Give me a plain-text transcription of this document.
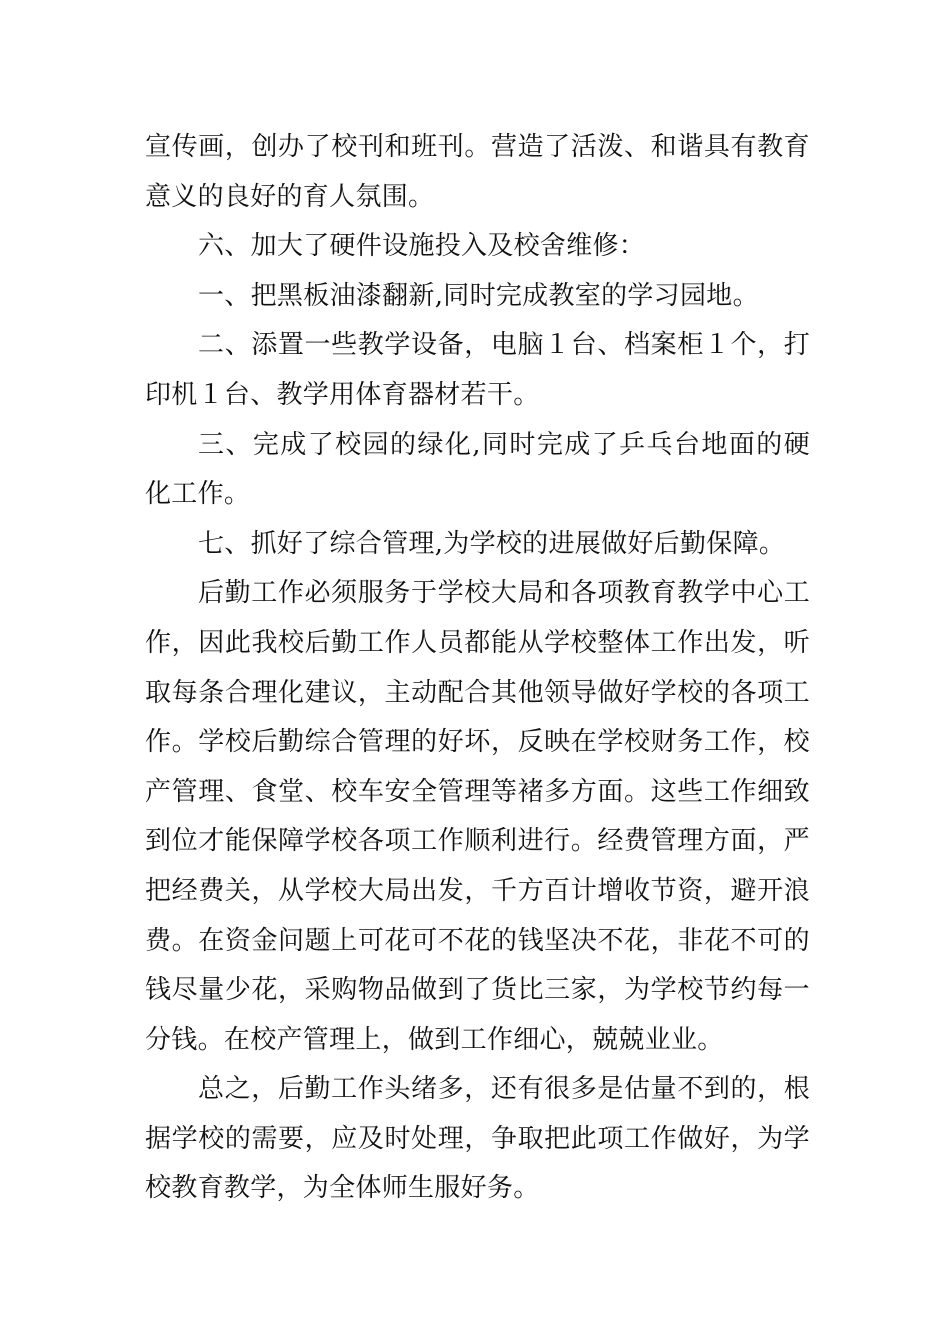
宣传画，创办了校刊和班刊。营造了活泼、和谐具有教育意义的良好的育人氛围。

六、加大了硬件设施投入及校舍维修：

一、把黑板油漆翻新,同时完成教室的学习园地。

二、添置一些教学设备，电脑１台、档案柜１个，打印机１台、教学用体育器材若干。

三、完成了校园的绿化,同时完成了乒乓台地面的硬化工作。

七、抓好了综合管理,为学校的进展做好后勤保障。

后勤工作必须服务于学校大局和各项教育教学中心工作，因此我校后勤工作人员都能从学校整体工作出发，听取每条合理化建议，主动配合其他领导做好学校的各项工作。学校后勤综合管理的好坏，反映在学校财务工作，校产管理、食堂、校车安全管理等褚多方面。这些工作细致到位才能保障学校各项工作顺利进行。经费管理方面，严把经费关，从学校大局出发，千方百计增收节资，避开浪费。在资金问题上可花可不花的钱坚决不花，非花不可的钱尽量少花，采购物品做到了货比三家，为学校节约每一分钱。在校产管理上，做到工作细心，兢兢业业。

总之，后勤工作头绪多，还有很多是估量不到的，根据学校的需要，应及时处理，争取把此项工作做好，为学校教育教学，为全体师生服好务。
